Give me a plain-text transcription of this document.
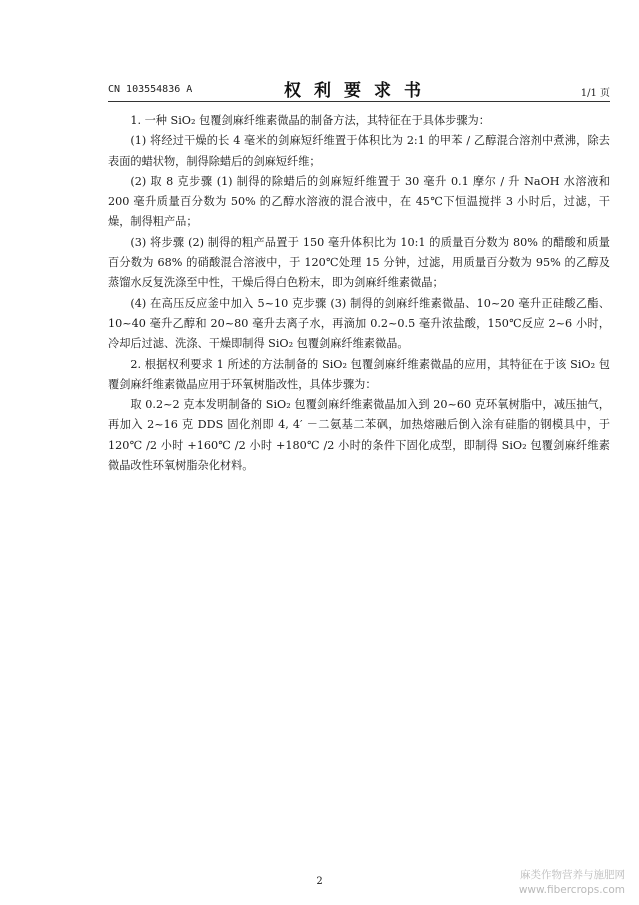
CN 103554836 A	权利要求书	1/1 页

1. 一种 SiO₂ 包覆剑麻纤维素微晶的制备方法，其特征在于具体步骤为：

(1) 将经过干燥的长 4 毫米的剑麻短纤维置于体积比为 2:1 的甲苯 / 乙醇混合溶剂中煮沸，除去表面的蜡状物，制得除蜡后的剑麻短纤维；

(2) 取 8 克步骤 (1) 制得的除蜡后的剑麻短纤维置于 30 毫升 0.1 摩尔 / 升 NaOH 水溶液和 200 毫升质量百分数为 50% 的乙醇水溶液的混合液中，在 45℃下恒温搅拌 3 小时后，过滤，干燥，制得粗产品；

(3) 将步骤 (2) 制得的粗产品置于 150 毫升体积比为 10:1 的质量百分数为 80% 的醋酸和质量百分数为 68% 的硝酸混合溶液中，于 120℃处理 15 分钟，过滤，用质量百分数为 95% 的乙醇及蒸馏水反复洗涤至中性，干燥后得白色粉末，即为剑麻纤维素微晶；

(4) 在高压反应釜中加入 5~10 克步骤 (3) 制得的剑麻纤维素微晶、10~20 毫升正硅酸乙酯、10~40 毫升乙醇和 20~80 毫升去离子水，再滴加 0.2~0.5 毫升浓盐酸，150℃反应 2~6 小时，冷却后过滤、洗涤、干燥即制得 SiO₂ 包覆剑麻纤维素微晶。

2. 根据权利要求 1 所述的方法制备的 SiO₂ 包覆剑麻纤维素微晶的应用，其特征在于该 SiO₂ 包覆剑麻纤维素微晶应用于环氧树脂改性，具体步骤为：

取 0.2~2 克本发明制备的 SiO₂ 包覆剑麻纤维素微晶加入到 20~60 克环氧树脂中，减压抽气，再加入 2~16 克 DDS 固化剂即 4, 4′ －二氨基二苯砜，加热熔融后倒入涂有硅脂的钢模具中，于 120℃ /2 小时 +160℃ /2 小时 +180℃ /2 小时的条件下固化成型，即制得 SiO₂ 包覆剑麻纤维素微晶改性环氧树脂杂化材料。

2
麻类作物营养与施肥网
www.fibercrops.com
